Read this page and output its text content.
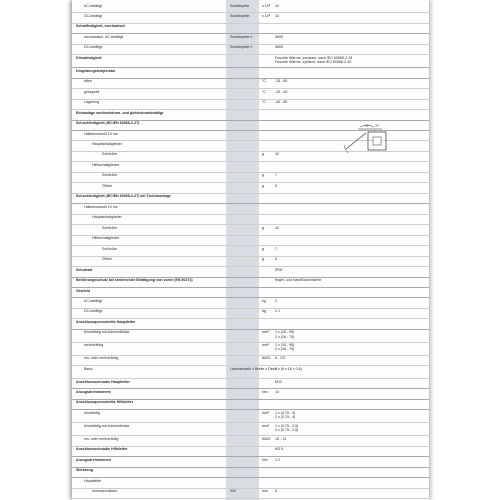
AC-betätigt	Schaltspiele	x 10⁶ 10
DC-betätigt	Schaltspiele	x 10⁶ 10
Schaltfestigkeit, mechanisch
mechanisch, AC-betätigt	Schaltspiele h	3600
DC-betätigt	Schaltspiele h	3600
Klimafestigkeit	Feuchte Wärme, konstant, nach IEC 60068-2-78
Feuchte Wärme, zyklisch, nach IEC 60068-2-30
Umgebungstemperatur
offen	°C -25 - 60
gekapselt	°C -25 - 40
Lagerung	°C -40 - 80
Einbaulage wechselstrom- und gleichstrombetätigt
Schockfestigkeit (IEC/EN 60068-2-27)
Halbsinusstoß 10 ms
Hauptschaltglieder
Schließer	g	10
Hilfsschaltglieder
Schließer	g	7
Öffner	g	5
Schockfestigkeit (IEC/EN 60068-2-27) bei Tischmontage
Halbsinusstoß 10 ms
Hauptschaltglieder
Schließer	g	10
Hilfsschaltglieder
Schließer	g	7
Öffner	g	5
Schutzart	IP00
Berührungsschutz bei senkrechter Betätigung von vorne (EN 50274)	finger- und handrückensicher
Gewicht
AC-betätigt	kg	2
DC-betätigt	kg	2.1
Anschlussquerschnitte Hauptleiter
feindrähtig mit Aderendhülse	mm² 1 x (16 - 95)
2 x (16 - 70)
mehrdrähtig	mm² 1 x (16 - 95)
2 x (16 - 70)
ein- oder mehrdrähtig	AWG 6 - 2/0
Band	Lamellenzahl x Breite x Dicke
2 x (6 x 16 x 0.8)
Anschlussschraube Hauptleiter	M10
Anzugsdrehmoment	Nm 14
Anschlussquerschnitte Hilfsleiter
eindrähtig	mm² 1 x (0.75 - 4)
2 x (0.75 - 4)
feindrähtig mit Aderendhülse	mm² 1 x (0.75 - 2.5)
2 x (0.75 - 2.5)
ein- oder mehrdrähtig	AWG 18 - 14
Anschlussschraube Hilfsleiter	M3.5
Anzugsdrehmoment	Nm 1.2
Werkzeug
Hauptleiter
Innensechskant	SW	mm 5
30° 30°
